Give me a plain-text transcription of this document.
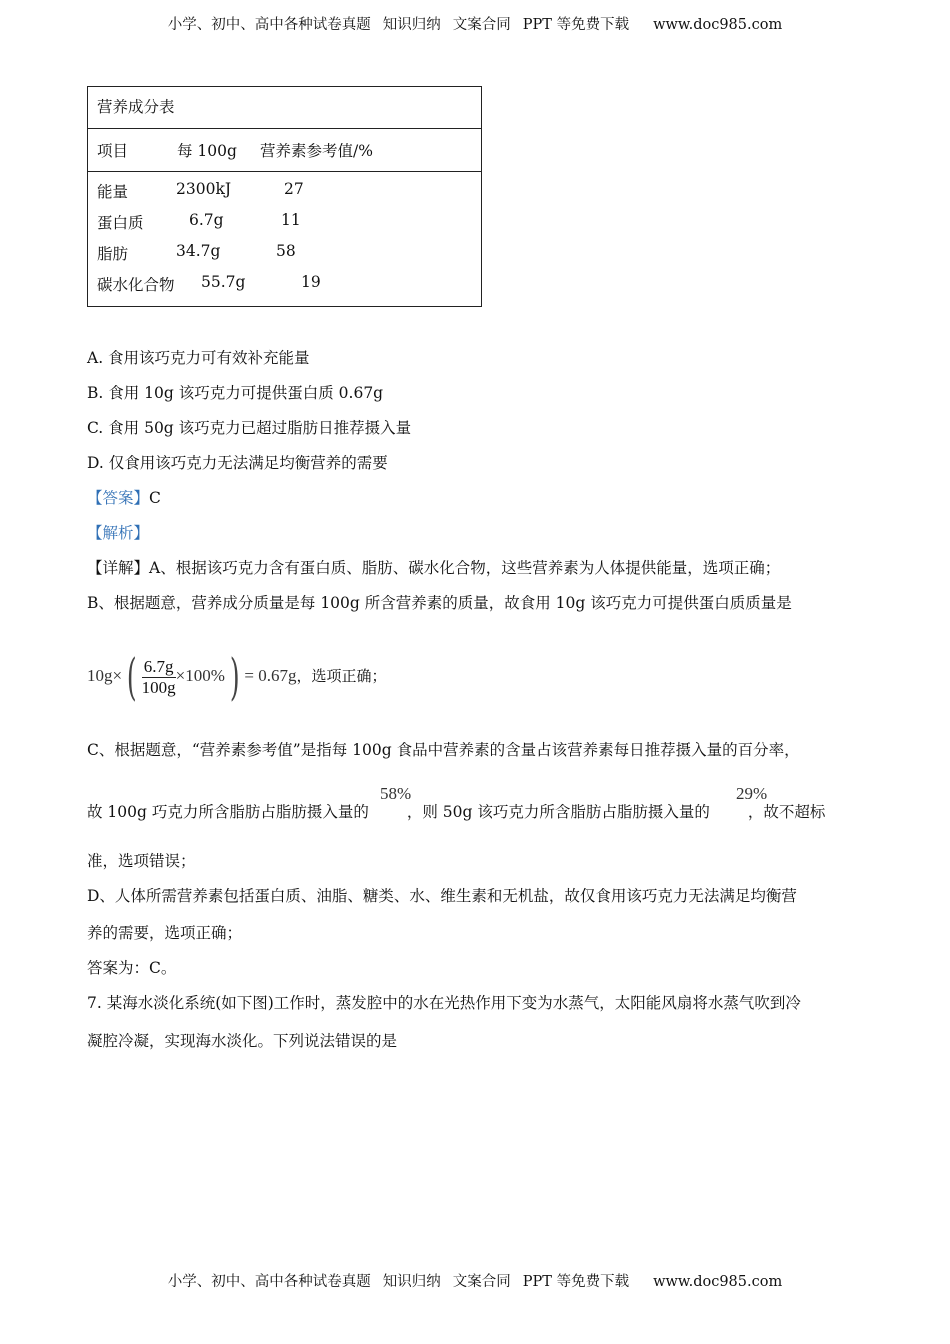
小学、初中、高中各种试卷真题 知识归纳 文案合同 PPT 等免费下载 www.doc985.com
营养成分表
项目	每 100g 营养素参考值/%
能量	2300kJ	27
蛋白质	6.7g	11
脂肪	34.7g	58
碳水化合物 55.7g	19
A. 食用该巧克力可有效补充能量
B. 食用 10g 该巧克力可提供蛋白质 0.67g
C. 食用 50g 该巧克力已超过脂肪日推荐摄入量
D. 仅食用该巧克力无法满足均衡营养的需要
【答案】C
【解析】
【详解】A、根据该巧克力含有蛋白质、脂肪、碳水化合物，这些营养素为人体提供能量，选项正确；
B、根据题意，营养成分质量是每 100g 所含营养素的质量，故食用 10g 该巧克力可提供蛋白质质量是
$10g\times( \frac{6.7g}{100g} \times 100\%) = 0.67g$，选项正确；
C、根据题意，“营养素参考值”是指每 100g 食品中营养素的含量占该营养素每日推荐摄入量的百分率，
故 100g 巧克力所含脂肪占脂肪摄入量的 ，则 50g 该巧克力所含脂肪占脂肪摄入量的 ，故不超标
58%	29%
准，选项错误；
D、人体所需营养素包括蛋白质、油脂、糖类、水、维生素和无机盐，故仅食用该巧克力无法满足均衡营
养的需要，选项正确；
答案为：C。
7. 某海水淡化系统(如下图)工作时，蒸发腔中的水在光热作用下变为水蒸气，太阳能风扇将水蒸气吹到冷
凝腔冷凝，实现海水淡化。下列说法错误的是
小学、初中、高中各种试卷真题 知识归纳 文案合同 PPT 等免费下载 www.doc985.com
